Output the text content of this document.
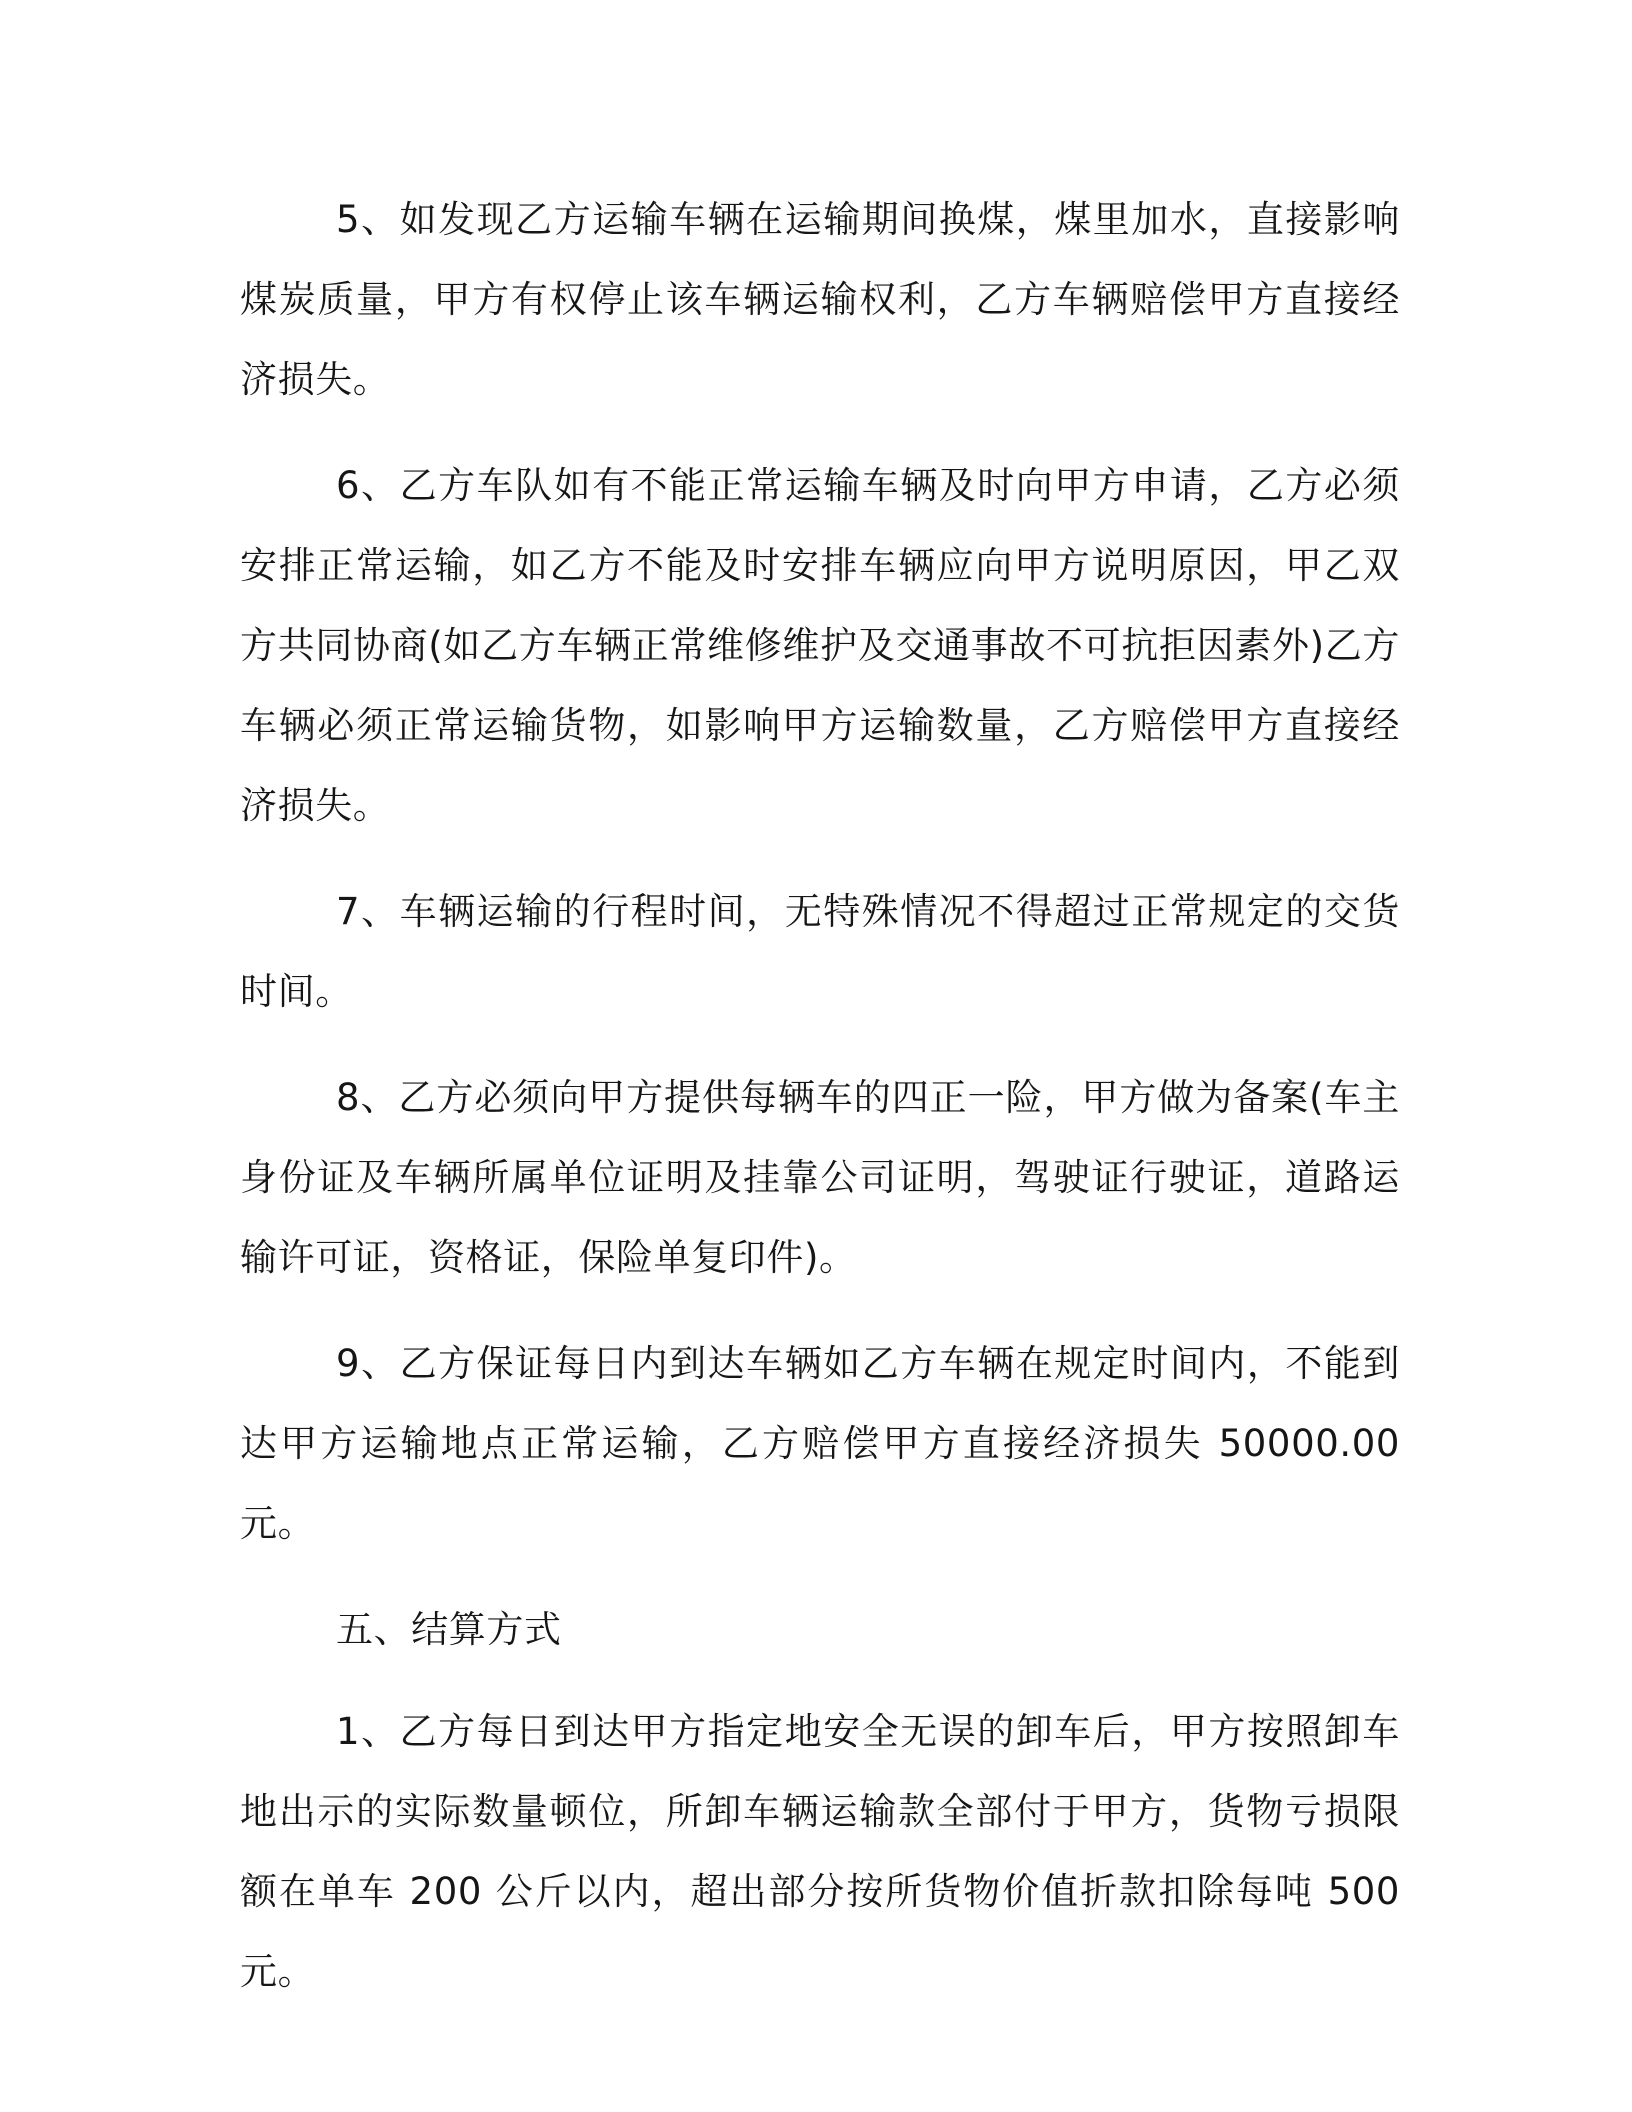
5、如发现乙方运输车辆在运输期间换煤，煤里加水，直接影响煤炭质量，甲方有权停止该车辆运输权利，乙方车辆赔偿甲方直接经济损失。

6、乙方车队如有不能正常运输车辆及时向甲方申请，乙方必须安排正常运输，如乙方不能及时安排车辆应向甲方说明原因，甲乙双方共同协商(如乙方车辆正常维修维护及交通事故不可抗拒因素外)乙方车辆必须正常运输货物，如影响甲方运输数量，乙方赔偿甲方直接经济损失。

7、车辆运输的行程时间，无特殊情况不得超过正常规定的交货时间。

8、乙方必须向甲方提供每辆车的四正一险，甲方做为备案(车主身份证及车辆所属单位证明及挂靠公司证明，驾驶证行驶证，道路运输许可证，资格证，保险单复印件)。

9、乙方保证每日内到达车辆如乙方车辆在规定时间内，不能到达甲方运输地点正常运输，乙方赔偿甲方直接经济损失 50000.00 元。

五、结算方式

1、乙方每日到达甲方指定地安全无误的卸车后，甲方按照卸车地出示的实际数量顿位，所卸车辆运输款全部付于甲方，货物亏损限额在单车 200 公斤以内，超出部分按所货物价值折款扣除每吨 500 元。
